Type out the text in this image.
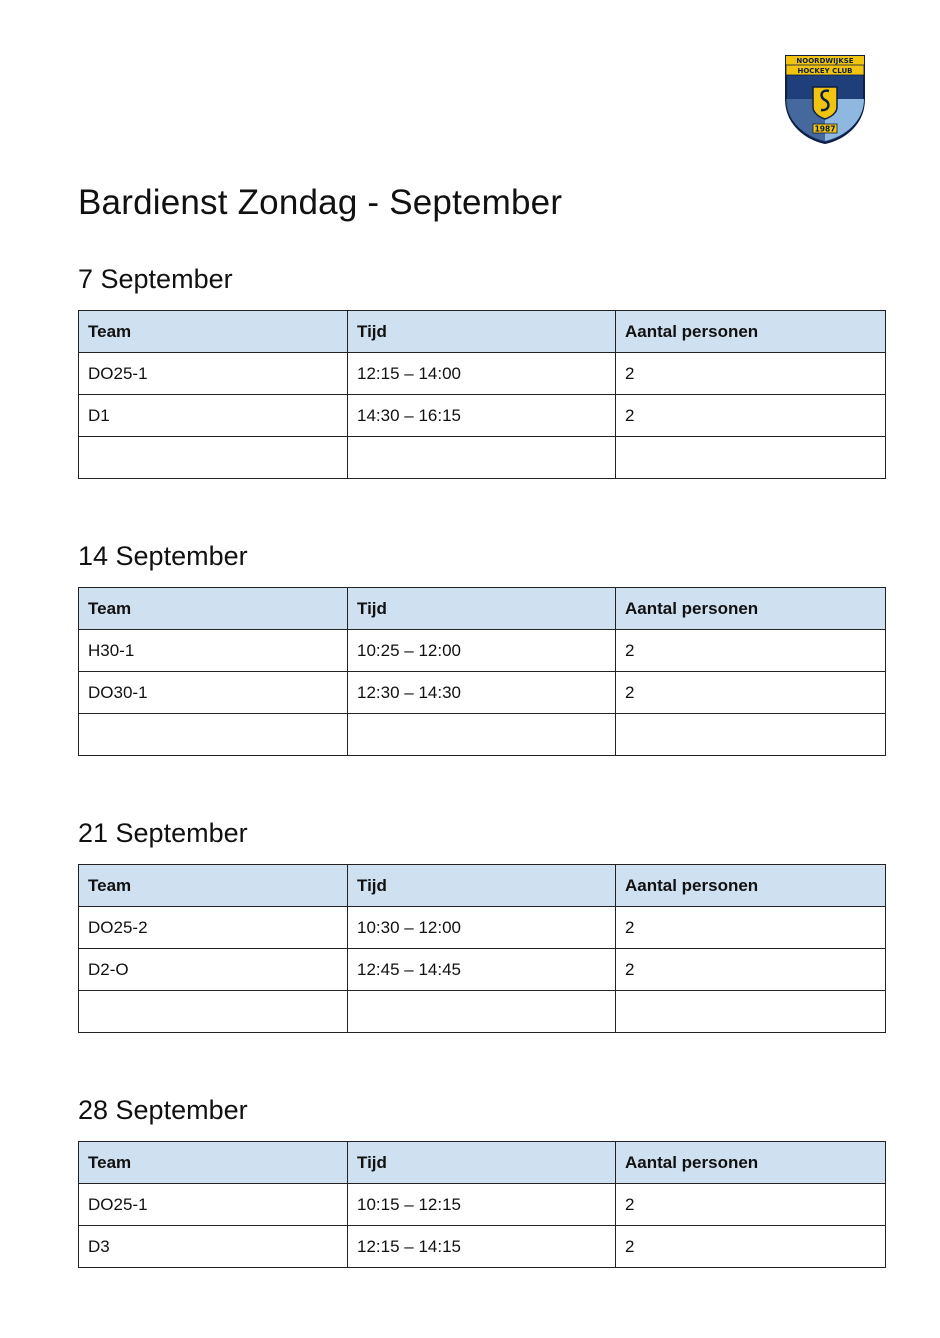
NOORDWIJKSE
HOCKEY CLUB
1987
Bardienst Zondag - September
7 September
Team	Tijd	Aantal personen
DO25-1	12:15 – 14:00	2
D1	14:30 – 16:15	2

14 September
Team	Tijd	Aantal personen
H30-1	10:25 – 12:00	2
DO30-1	12:30 – 14:30	2

21 September
Team	Tijd	Aantal personen
DO25-2	10:30 – 12:00	2
D2-O	12:45 – 14:45	2

28 September
Team	Tijd	Aantal personen
DO25-1	10:15 – 12:15	2
D3	12:15 – 14:15	2
